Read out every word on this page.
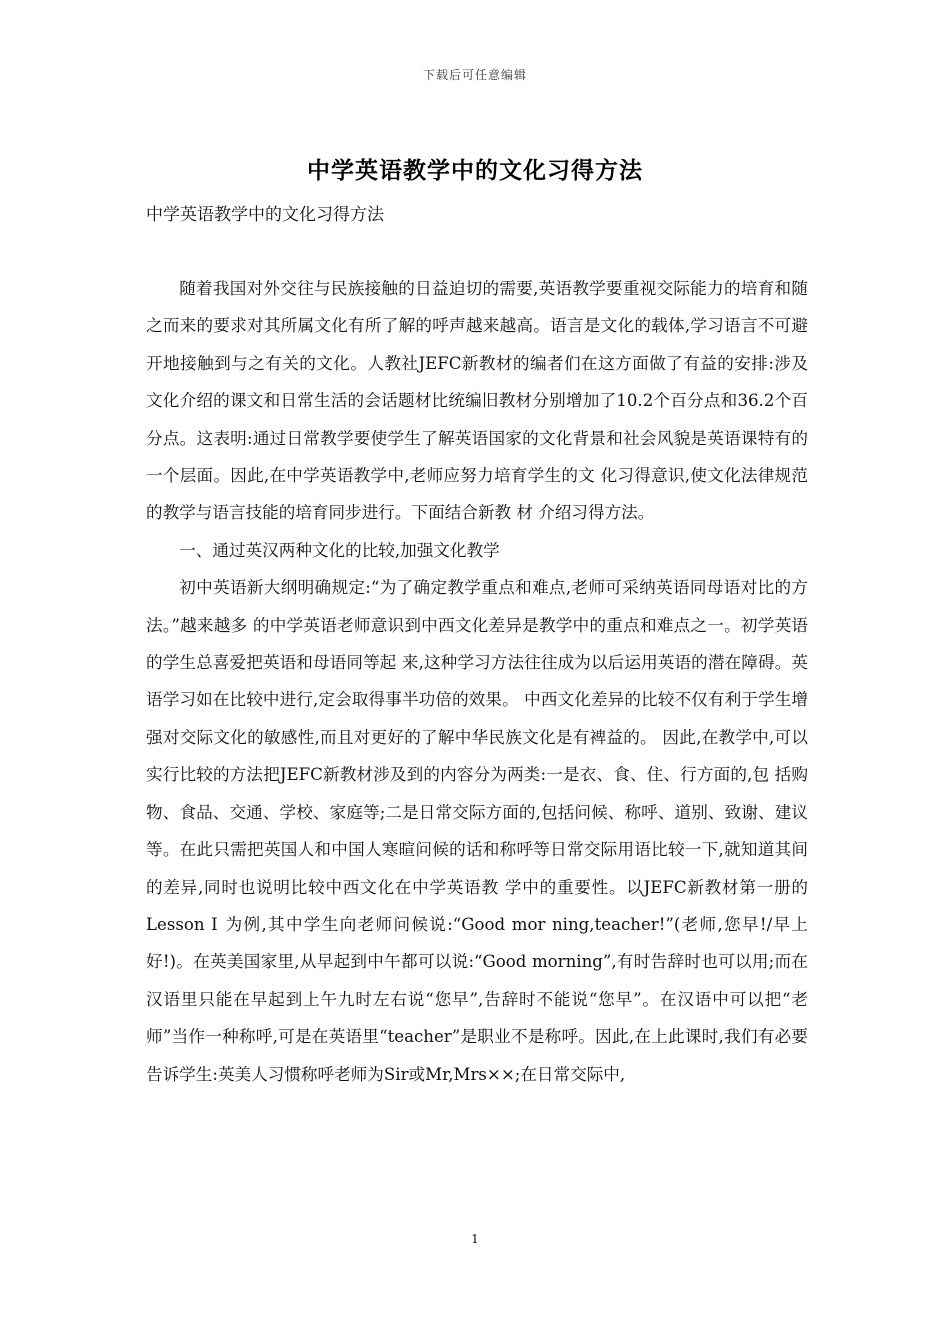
下载后可任意编辑
中学英语教学中的文化习得方法
中学英语教学中的文化习得方法

随着我国对外交往与民族接触的日益迫切的需要,英语教学要重视交际能力的培育和随之而来的要求对其所属文化有所了解的呼声越来越高。语言是文化的载体,学习语言不可避开地接触到与之有关的文化。人教社JEFC新教材的编者们在这方面做了有益的安排:涉及文化介绍的课文和日常生活的会话题材比统编旧教材分别增加了10.2个百分点和36.2个百分点。这表明:通过日常教学要使学生了解英语国家的文化背景和社会风貌是英语课特有的一个层面。因此,在中学英语教学中,老师应努力培育学生的文 化习得意识,使文化法律规范的教学与语言技能的培育同步进行。下面结合新教 材 介绍习得方法。

一、通过英汉两种文化的比较,加强文化教学

初中英语新大纲明确规定:“为了确定教学重点和难点,老师可采纳英语同母语对比的方法。”越来越多 的中学英语老师意识到中西文化差异是教学中的重点和难点之一。初学英语的学生总喜爱把英语和母语同等起 来,这种学习方法往往成为以后运用英语的潜在障碍。英语学习如在比较中进行,定会取得事半功倍的效果。 中西文化差异的比较不仅有利于学生增强对交际文化的敏感性,而且对更好的了解中华民族文化是有裨益的。 因此,在教学中,可以实行比较的方法把JEFC新教材涉及到的内容分为两类:一是衣、食、住、行方面的,包 括购物、食品、交通、学校、家庭等;二是日常交际方面的,包括问候、称呼、道别、致谢、建议等。在此只需把英国人和中国人寒暄问候的话和称呼等日常交际用语比较一下,就知道其间的差异,同时也说明比较中西文化在中学英语教 学中的重要性。以JEFC新教材第一册的Lesson Ⅰ 为例,其中学生向老师问候说:“Good mor ning,teacher!”(老师,您早!/早上好!)。在英美国家里,从早起到中午都可以说:“Good morning”,有时告辞时也可以用;而在汉语里只能在早起到上午九时左右说“您早”,告辞时不能说“您早”。在汉语中可以把“老师”当作一种称呼,可是在英语里“teacher”是职业不是称呼。因此,在上此课时,我们有必要告诉学生:英美人习惯称呼老师为Sir或Mr,Mrs××;在日常交际中,

1
